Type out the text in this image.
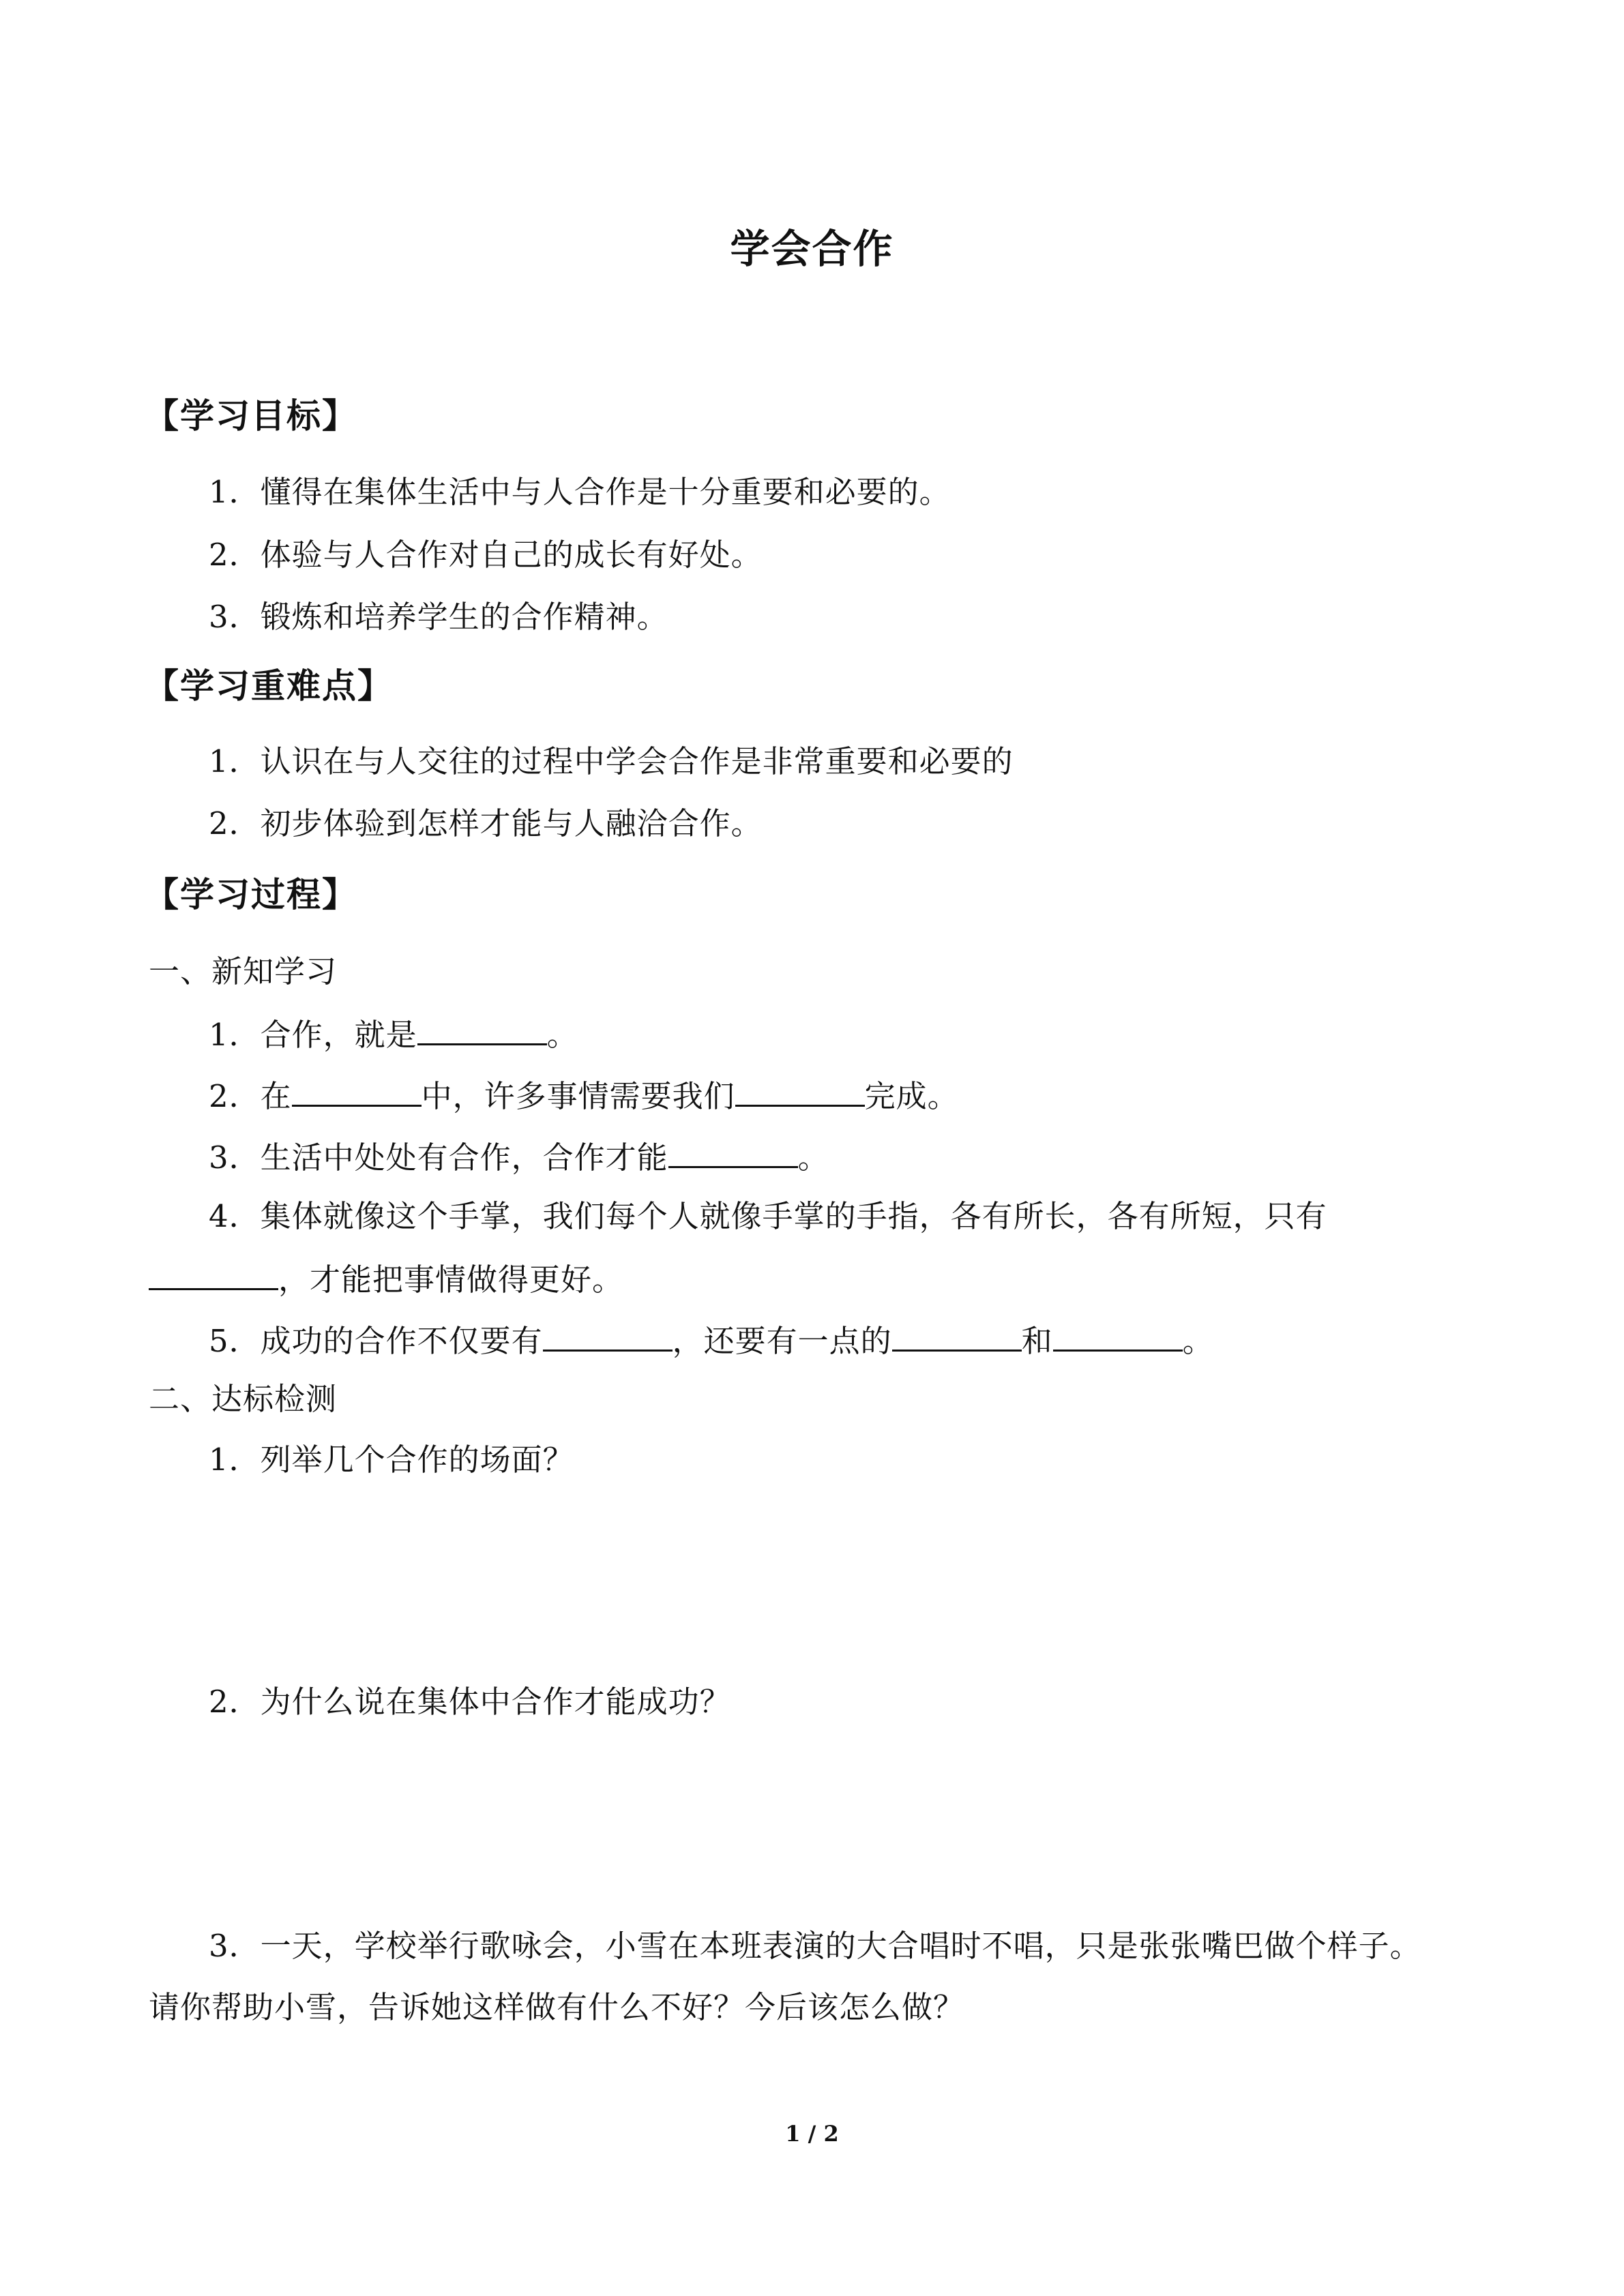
学会合作
【学习目标】
1．懂得在集体生活中与人合作是十分重要和必要的。
2．体验与人合作对自己的成长有好处。
3．锻炼和培养学生的合作精神。
【学习重难点】
1．认识在与人交往的过程中学会合作是非常重要和必要的
2．初步体验到怎样才能与人融洽合作。
【学习过程】
一、新知学习
1．合作，就是	。
2．在	中，许多事情需要我们	完成。
3．生活中处处有合作，合作才能	。
4．集体就像这个手掌，我们每个人就像手掌的手指，各有所长，各有所短，只有
，才能把事情做得更好。
5．成功的合作不仅要有	，还要有一点的	和	。
二、达标检测
1．列举几个合作的场面？
2．为什么说在集体中合作才能成功？
3．一天，学校举行歌咏会，小雪在本班表演的大合唱时不唱，只是张张嘴巴做个样子。
请你帮助小雪，告诉她这样做有什么不好？今后该怎么做？
1 / 2
